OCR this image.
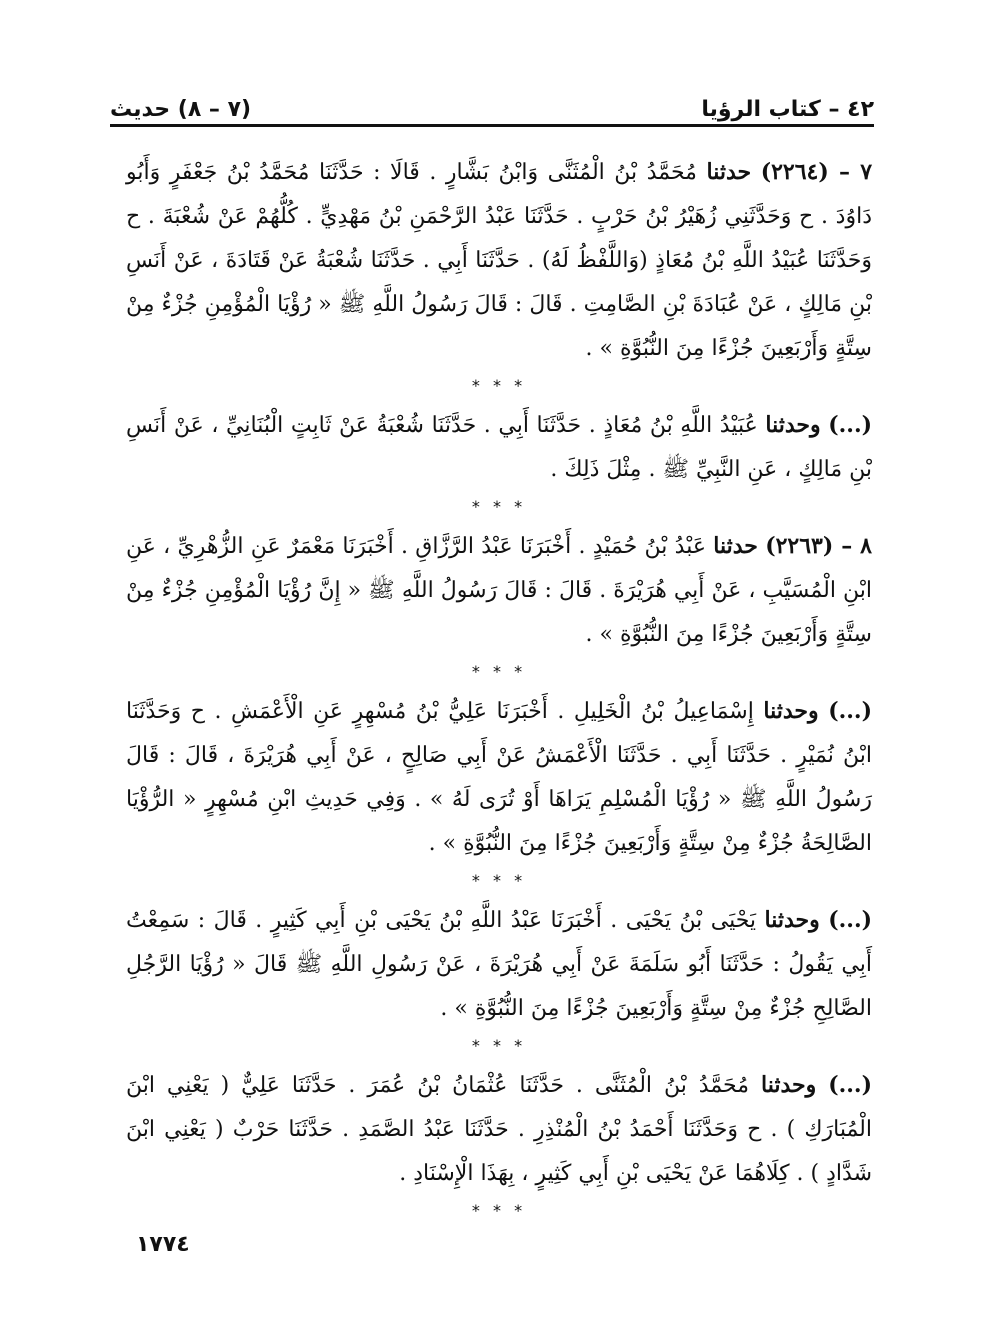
٤٢ – كتاب الرؤيا
(٧ – ٨) حديث

٧ – (٢٢٦٤) حدثنا مُحَمَّدُ بْنُ الْمُثَنَّى وَابْنُ بَشَّارٍ . قَالَا : حَدَّثَنَا مُحَمَّدُ بْنُ جَعْفَرٍ وَأَبُو دَاوُدَ . ح وَحَدَّثَنِي زُهَيْرُ بْنُ حَرْبٍ . حَدَّثَنَا عَبْدُ الرَّحْمَنِ بْنُ مَهْدِيٍّ . كُلُّهُمْ عَنْ شُعْبَةَ . ح وَحَدَّثَنَا عُبَيْدُ اللَّهِ بْنُ مُعَاذٍ (وَاللَّفْظُ لَهُ) . حَدَّثَنَا أَبِي . حَدَّثَنَا شُعْبَةُ عَنْ قَتَادَةَ ، عَنْ أَنَسِ بْنِ مَالِكٍ ، عَنْ عُبَادَةَ بْنِ الصَّامِتِ . قَالَ : قَالَ رَسُولُ اللَّهِ ﷺ « رُؤْيَا الْمُؤْمِنِ جُزْءٌ مِنْ سِتَّةٍ وَأَرْبَعِينَ جُزْءًا مِنَ النُّبُوَّةِ » .

* * *

(...) وحدثنا عُبَيْدُ اللَّهِ بْنُ مُعَاذٍ . حَدَّثَنَا أَبِي . حَدَّثَنَا شُعْبَةُ عَنْ ثَابِتٍ الْبُنَانِيِّ ، عَنْ أَنَسِ بْنِ مَالِكٍ ، عَنِ النَّبِيِّ ﷺ . مِثْلَ ذَلِكَ .

* * *

٨ – (٢٢٦٣) حدثنا عَبْدُ بْنُ حُمَيْدٍ . أَخْبَرَنَا عَبْدُ الرَّزَّاقِ . أَخْبَرَنَا مَعْمَرٌ عَنِ الزُّهْرِيِّ ، عَنِ ابْنِ الْمُسَيَّبِ ، عَنْ أَبِي هُرَيْرَةَ . قَالَ : قَالَ رَسُولُ اللَّهِ ﷺ « إِنَّ رُؤْيَا الْمُؤْمِنِ جُزْءٌ مِنْ سِتَّةٍ وَأَرْبَعِينَ جُزْءًا مِنَ النُّبُوَّةِ » .

* * *

(...) وحدثنا إِسْمَاعِيلُ بْنُ الْخَلِيلِ . أَخْبَرَنَا عَلِيُّ بْنُ مُسْهِرٍ عَنِ الْأَعْمَشِ . ح وَحَدَّثَنَا ابْنُ نُمَيْرٍ . حَدَّثَنَا أَبِي . حَدَّثَنَا الْأَعْمَشُ عَنْ أَبِي صَالِحٍ ، عَنْ أَبِي هُرَيْرَةَ ، قَالَ : قَالَ رَسُولُ اللَّهِ ﷺ « رُؤْيَا الْمُسْلِمِ يَرَاهَا أَوْ تُرَى لَهُ » . وَفِي حَدِيثِ ابْنِ مُسْهِرٍ « الرُّؤْيَا الصَّالِحَةُ جُزْءٌ مِنْ سِتَّةٍ وَأَرْبَعِينَ جُزْءًا مِنَ النُّبُوَّةِ » .

* * *

(...) وحدثنا يَحْيَى بْنُ يَحْيَى . أَخْبَرَنَا عَبْدُ اللَّهِ بْنُ يَحْيَى بْنِ أَبِي كَثِيرٍ . قَالَ : سَمِعْتُ أَبِي يَقُولُ : حَدَّثَنَا أَبُو سَلَمَةَ عَنْ أَبِي هُرَيْرَةَ ، عَنْ رَسُولِ اللَّهِ ﷺ قَالَ « رُؤْيَا الرَّجُلِ الصَّالِحِ جُزْءٌ مِنْ سِتَّةٍ وَأَرْبَعِينَ جُزْءًا مِنَ النُّبُوَّةِ » .

* * *

(...) وحدثنا مُحَمَّدُ بْنُ الْمُثَنَّى . حَدَّثَنَا عُثْمَانُ بْنُ عُمَرَ . حَدَّثَنَا عَلِيٌّ ( يَعْنِي ابْنَ الْمُبَارَكِ ) . ح وَحَدَّثَنَا أَحْمَدُ بْنُ الْمُنْذِرِ . حَدَّثَنَا عَبْدُ الصَّمَدِ . حَدَّثَنَا حَرْبٌ ( يَعْنِي ابْنَ شَدَّادٍ ) . كِلَاهُمَا عَنْ يَحْيَى بْنِ أَبِي كَثِيرٍ ، بِهَذَا الْإِسْنَادِ .

* * *
١٧٧٤
